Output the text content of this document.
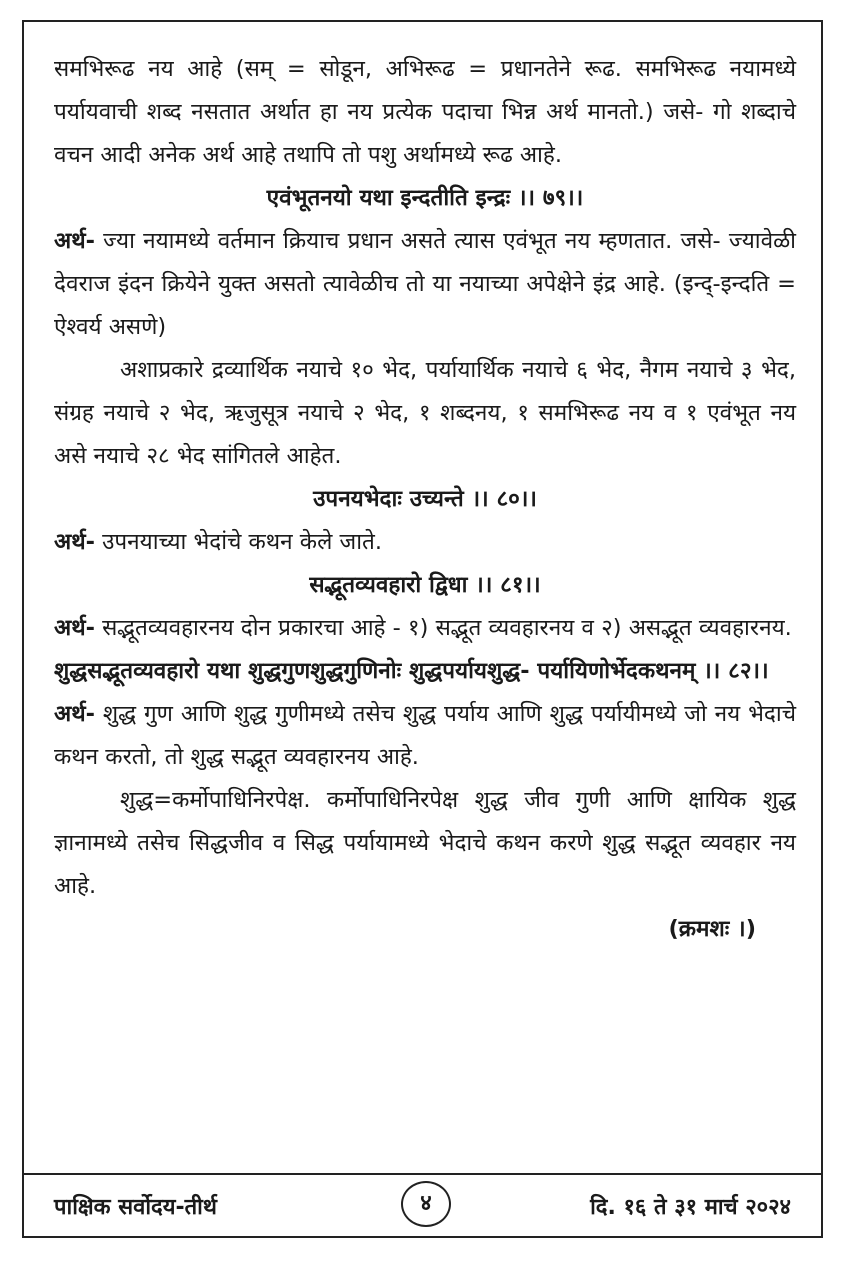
समभिरूढ नय आहे (सम् = सोडून, अभिरूढ = प्रधानतेने रूढ. समभिरूढ नयामध्ये पर्यायवाची शब्द नसतात अर्थात हा नय प्रत्येक पदाचा भिन्न अर्थ मानतो.) जसे- गो शब्दाचे वचन आदी अनेक अर्थ आहे तथापि तो पशु अर्थामध्ये रूढ आहे.

एवंभूतनयो यथा इन्दतीति इन्द्रः ।। ७९।।

अर्थ- ज्या नयामध्ये वर्तमान क्रियाच प्रधान असते त्यास एवंभूत नय म्हणतात. जसे- ज्यावेळी देवराज इंदन क्रियेने युक्त असतो त्यावेळीच तो या नयाच्या अपेक्षेने इंद्र आहे. (इन्द्-इन्दति = ऐश्वर्य असणे)

अशाप्रकारे द्रव्यार्थिक नयाचे १० भेद, पर्यायार्थिक नयाचे ६ भेद, नैगम नयाचे ३ भेद, संग्रह नयाचे २ भेद, ऋजुसूत्र नयाचे २ भेद, १ शब्दनय, १ समभिरूढ नय व १ एवंभूत नय असे नयाचे २८ भेद सांगितले आहेत.

उपनयभेदाः उच्यन्ते ।। ८०।।

अर्थ- उपनयाच्या भेदांचे कथन केले जाते.

सद्भूतव्यवहारो द्विधा ।। ८१।।

अर्थ- सद्भूतव्यवहारनय दोन प्रकारचा आहे - १) सद्भूत व्यवहारनय व २) असद्भूत व्यवहारनय.

शुद्धसद्भूतव्यवहारो यथा शुद्धगुणशुद्धगुणिनोः शुद्धपर्यायशुद्ध- पर्यायिणोर्भेदकथनम् ।। ८२।।

अर्थ- शुद्ध गुण आणि शुद्ध गुणीमध्ये तसेच शुद्ध पर्याय आणि शुद्ध पर्यायीमध्ये जो नय भेदाचे कथन करतो, तो शुद्ध सद्भूत व्यवहारनय आहे.

शुद्ध=कर्मोपाधिनिरपेक्ष. कर्मोपाधिनिरपेक्ष शुद्ध जीव गुणी आणि क्षायिक शुद्ध ज्ञानामध्ये तसेच सिद्धजीव व सिद्ध पर्यायामध्ये भेदाचे कथन करणे शुद्ध सद्भूत व्यवहार नय आहे.

(क्रमशः ।)

पाक्षिक सर्वोदय-तीर्थ	४	दि. १६ ते ३१ मार्च २०२४
